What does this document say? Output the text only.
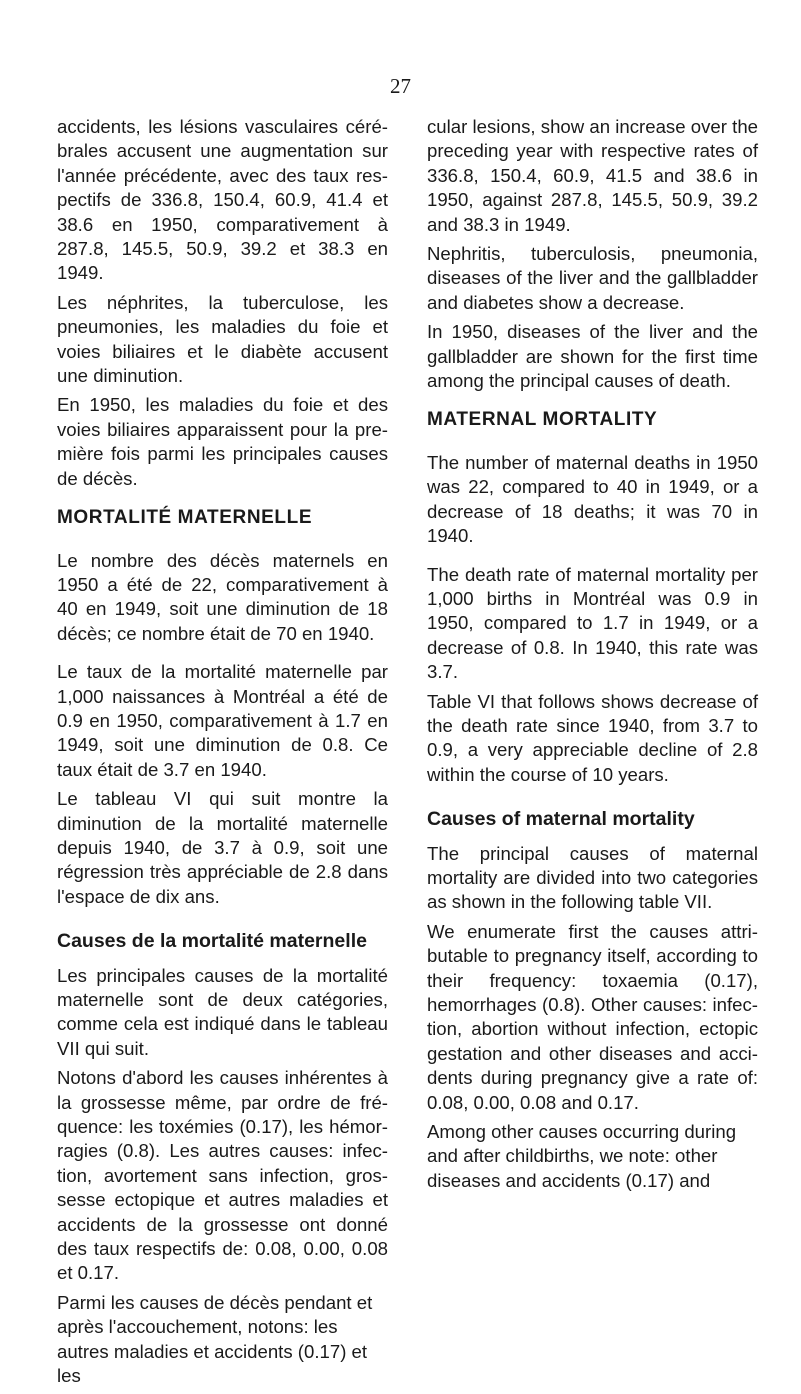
27

accidents, les lésions vasculaires céré-brales accusent une augmentation sur l'année précédente, avec des taux res-pectifs de 336.8, 150.4, 60.9, 41.4 et 38.6 en 1950, comparativement à 287.8, 145.5, 50.9, 39.2 et 38.3 en 1949.

Les néphrites, la tuberculose, les pneumonies, les maladies du foie et voies biliaires et le diabète accusent une diminution.

En 1950, les maladies du foie et des voies biliaires apparaissent pour la pre-mière fois parmi les principales causes de décès.

MORTALITÉ MATERNELLE

Le nombre des décès maternels en 1950 a été de 22, comparativement à 40 en 1949, soit une diminution de 18 décès; ce nombre était de 70 en 1940.

Le taux de la mortalité maternelle par 1,000 naissances à Montréal a été de 0.9 en 1950, comparativement à 1.7 en 1949, soit une diminution de 0.8. Ce taux était de 3.7 en 1940.

Le tableau VI qui suit montre la diminution de la mortalité maternelle depuis 1940, de 3.7 à 0.9, soit une régression très appréciable de 2.8 dans l'espace de dix ans.

Causes de la mortalité maternelle

Les principales causes de la mortalité maternelle sont de deux catégories, comme cela est indiqué dans le tableau VII qui suit.

Notons d'abord les causes inhérentes à la grossesse même, par ordre de fré-quence: les toxémies (0.17), les hémor-ragies (0.8). Les autres causes: infec-tion, avortement sans infection, gros-sesse ectopique et autres maladies et accidents de la grossesse ont donné des taux respectifs de: 0.08, 0.00, 0.08 et 0.17.

Parmi les causes de décès pendant et après l'accouchement, notons: les autres maladies et accidents (0.17) et les

cular lesions, show an increase over the preceding year with respective rates of 336.8, 150.4, 60.9, 41.5 and 38.6 in 1950, against 287.8, 145.5, 50.9, 39.2 and 38.3 in 1949.

Nephritis, tuberculosis, pneumonia, diseases of the liver and the gallbladder and diabetes show a decrease.

In 1950, diseases of the liver and the gallbladder are shown for the first time among the principal causes of death.

MATERNAL MORTALITY

The number of maternal deaths in 1950 was 22, compared to 40 in 1949, or a decrease of 18 deaths; it was 70 in 1940.

The death rate of maternal mortality per 1,000 births in Montréal was 0.9 in 1950, compared to 1.7 in 1949, or a decrease of 0.8. In 1940, this rate was 3.7.

Table VI that follows shows decrease of the death rate since 1940, from 3.7 to 0.9, a very appreciable decline of 2.8 within the course of 10 years.

Causes of maternal mortality

The principal causes of maternal mortality are divided into two categories as shown in the following table VII.

We enumerate first the causes attri-butable to pregnancy itself, according to their frequency: toxaemia (0.17), hemorrhages (0.8). Other causes: infec-tion, abortion without infection, ectopic gestation and other diseases and acci-dents during pregnancy give a rate of: 0.08, 0.00, 0.08 and 0.17.

Among other causes occurring during and after childbirths, we note: other diseases and accidents (0.17) and
